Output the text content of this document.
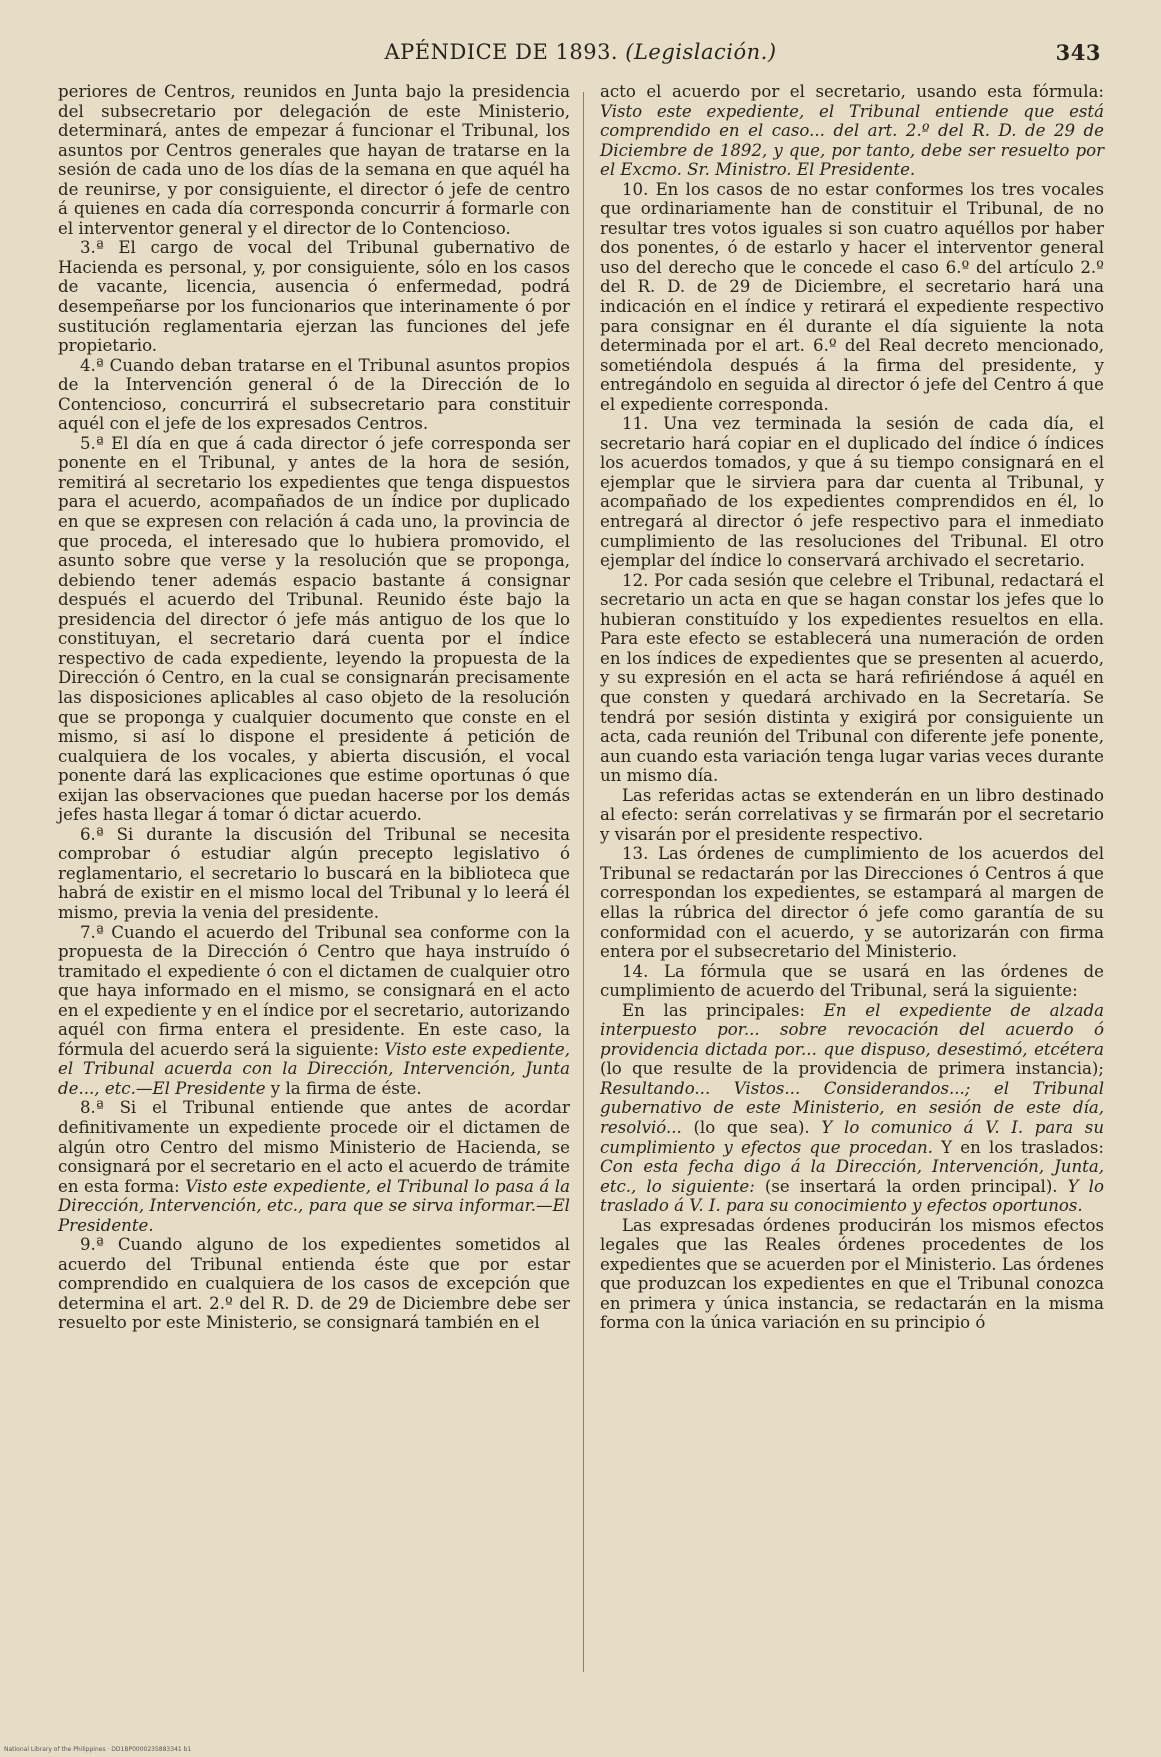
APÉNDICE DE 1893. (Legislación.)	343

periores de Centros, reunidos en Junta bajo la presidencia del subsecretario por delegación de este Ministerio, determinará, antes de empezar á funcionar el Tribunal, los asuntos por Centros generales que hayan de tratarse en la sesión de cada uno de los días de la semana en que aquél ha de reunirse, y por consiguiente, el director ó jefe de centro á quienes en cada día corresponda concurrir á formarle con el interventor general y el director de lo Contencioso.

3.ª El cargo de vocal del Tribunal gubernativo de Hacienda es personal, y, por consiguiente, sólo en los casos de vacante, licencia, ausencia ó enfermedad, podrá desempeñarse por los funcionarios que interinamente ó por sustitución reglamentaria ejerzan las funciones del jefe propietario.

4.ª Cuando deban tratarse en el Tribunal asuntos propios de la Intervención general ó de la Dirección de lo Contencioso, concurrirá el subsecretario para constituir aquél con el jefe de los expresados Centros.

5.ª El día en que á cada director ó jefe corresponda ser ponente en el Tribunal, y antes de la hora de sesión, remitirá al secretario los expedientes que tenga dispuestos para el acuerdo, acompañados de un índice por duplicado en que se expresen con relación á cada uno, la provincia de que proceda, el interesado que lo hubiera promovido, el asunto sobre que verse y la resolución que se proponga, debiendo tener además espacio bastante á consignar después el acuerdo del Tribunal. Reunido éste bajo la presidencia del director ó jefe más antiguo de los que lo constituyan, el secretario dará cuenta por el índice respectivo de cada expediente, leyendo la propuesta de la Dirección ó Centro, en la cual se consignarán precisamente las disposiciones aplicables al caso objeto de la resolución que se proponga y cualquier documento que conste en el mismo, si así lo dispone el presidente á petición de cualquiera de los vocales, y abierta discusión, el vocal ponente dará las explicaciones que estime oportunas ó que exijan las observaciones que puedan hacerse por los demás jefes hasta llegar á tomar ó dictar acuerdo.

6.ª Si durante la discusión del Tribunal se necesita comprobar ó estudiar algún precepto legislativo ó reglamentario, el secretario lo buscará en la biblioteca que habrá de existir en el mismo local del Tribunal y lo leerá él mismo, previa la venia del presidente.

7.ª Cuando el acuerdo del Tribunal sea conforme con la propuesta de la Dirección ó Centro que haya instruído ó tramitado el expediente ó con el dictamen de cualquier otro que haya informado en el mismo, se consignará en el acto en el expediente y en el índice por el secretario, autorizando aquél con firma entera el presidente. En este caso, la fórmula del acuerdo será la siguiente: Visto este expediente, el Tribunal acuerda con la Dirección, Intervención, Junta de..., etc.—El Presidente y la firma de éste.

8.ª Si el Tribunal entiende que antes de acordar definitivamente un expediente procede oir el dictamen de algún otro Centro del mismo Ministerio de Hacienda, se consignará por el secretario en el acto el acuerdo de trámite en esta forma: Visto este expediente, el Tribunal lo pasa á la Dirección, Intervención, etc., para que se sirva informar.—El Presidente.

9.ª Cuando alguno de los expedientes sometidos al acuerdo del Tribunal entienda éste que por estar comprendido en cualquiera de los casos de excepción que determina el art. 2.º del R. D. de 29 de Diciembre debe ser resuelto por este Ministerio, se consignará también en el

acto el acuerdo por el secretario, usando esta fórmula: Visto este expediente, el Tribunal entiende que está comprendido en el caso... del art. 2.º del R. D. de 29 de Diciembre de 1892, y que, por tanto, debe ser resuelto por el Excmo. Sr. Ministro. El Presidente.

10. En los casos de no estar conformes los tres vocales que ordinariamente han de constituir el Tribunal, de no resultar tres votos iguales si son cuatro aquéllos por haber dos ponentes, ó de estarlo y hacer el interventor general uso del derecho que le concede el caso 6.º del artículo 2.º del R. D. de 29 de Diciembre, el secretario hará una indicación en el índice y retirará el expediente respectivo para consignar en él durante el día siguiente la nota determinada por el art. 6.º del Real decreto mencionado, sometiéndola después á la firma del presidente, y entregándolo en seguida al director ó jefe del Centro á que el expediente corresponda.

11. Una vez terminada la sesión de cada día, el secretario hará copiar en el duplicado del índice ó índices los acuerdos tomados, y que á su tiempo consignará en el ejemplar que le sirviera para dar cuenta al Tribunal, y acompañado de los expedientes comprendidos en él, lo entregará al director ó jefe respectivo para el inmediato cumplimiento de las resoluciones del Tribunal. El otro ejemplar del índice lo conservará archivado el secretario.

12. Por cada sesión que celebre el Tribunal, redactará el secretario un acta en que se hagan constar los jefes que lo hubieran constituído y los expedientes resueltos en ella. Para este efecto se establecerá una numeración de orden en los índices de expedientes que se presenten al acuerdo, y su expresión en el acta se hará refiriéndose á aquél en que consten y quedará archivado en la Secretaría. Se tendrá por sesión distinta y exigirá por consiguiente un acta, cada reunión del Tribunal con diferente jefe ponente, aun cuando esta variación tenga lugar varias veces durante un mismo día.

Las referidas actas se extenderán en un libro destinado al efecto: serán correlativas y se firmarán por el secretario y visarán por el presidente respectivo.

13. Las órdenes de cumplimiento de los acuerdos del Tribunal se redactarán por las Direcciones ó Centros á que correspondan los expedientes, se estampará al margen de ellas la rúbrica del director ó jefe como garantía de su conformidad con el acuerdo, y se autorizarán con firma entera por el subsecretario del Ministerio.

14. La fórmula que se usará en las órdenes de cumplimiento de acuerdo del Tribunal, será la siguiente:

En las principales: En el expediente de alzada interpuesto por... sobre revocación del acuerdo ó providencia dictada por... que dispuso, desestimó, etcétera (lo que resulte de la providencia de primera instancia); Resultando... Vistos... Considerandos...; el Tribunal gubernativo de este Ministerio, en sesión de este día, resolvió... (lo que sea). Y lo comunico á V. I. para su cumplimiento y efectos que procedan. Y en los traslados: Con esta fecha digo á la Dirección, Intervención, Junta, etc., lo siguiente: (se insertará la orden principal). Y lo traslado á V. I. para su conocimiento y efectos oportunos.

Las expresadas órdenes producirán los mismos efectos legales que las Reales órdenes procedentes de los expedientes que se acuerden por el Ministerio. Las órdenes que produzcan los expedientes en que el Tribunal conozca en primera y única instancia, se redactarán en la misma forma con la única variación en su principio ó

National Library of the Philippines · DD1BP0000235883341 b1
